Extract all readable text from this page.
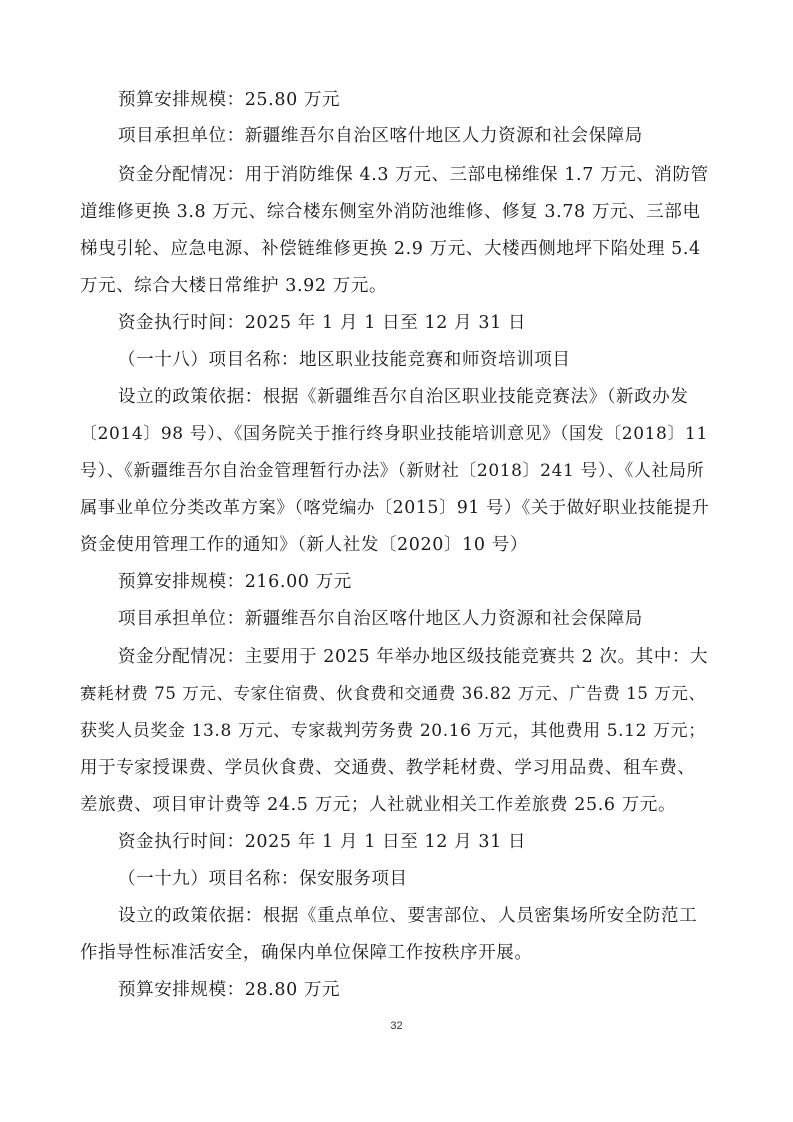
预算安排规模：25.80 万元
项目承担单位：新疆维吾尔自治区喀什地区人力资源和社会保障局
资金分配情况：用于消防维保 4.3 万元、三部电梯维保 1.7 万元、消防管
道维修更换 3.8 万元、综合楼东侧室外消防池维修、修复 3.78 万元、三部电
梯曳引轮、应急电源、补偿链维修更换 2.9 万元、大楼西侧地坪下陷处理 5.4
万元、综合大楼日常维护 3.92 万元。
资金执行时间：2025 年 1 月 1 日至 12 月 31 日
（一十八）项目名称：地区职业技能竞赛和师资培训项目
设立的政策依据：根据《新疆维吾尔自治区职业技能竞赛法》（新政办发
〔2014〕98 号）、《国务院关于推行终身职业技能培训意见》（国发〔2018〕11
号）、《新疆维吾尔自治金管理暂行办法》（新财社〔2018〕241 号）、《人社局所
属事业单位分类改革方案》（喀党编办〔2015〕91 号）《关于做好职业技能提升
资金使用管理工作的通知》（新人社发〔2020〕10 号）
预算安排规模：216.00 万元
项目承担单位：新疆维吾尔自治区喀什地区人力资源和社会保障局
资金分配情况：主要用于 2025 年举办地区级技能竞赛共 2 次。其中：大
赛耗材费 75 万元、专家住宿费、伙食费和交通费 36.82 万元、广告费 15 万元、
获奖人员奖金 13.8 万元、专家裁判劳务费 20.16 万元，其他费用 5.12 万元；
用于专家授课费、学员伙食费、交通费、教学耗材费、学习用品费、租车费、
差旅费、项目审计费等 24.5 万元；人社就业相关工作差旅费 25.6 万元。
资金执行时间：2025 年 1 月 1 日至 12 月 31 日
（一十九）项目名称：保安服务项目
设立的政策依据：根据《重点单位、要害部位、人员密集场所安全防范工
作指导性标准活安全，确保内单位保障工作按秩序开展。
预算安排规模：28.80 万元
32
